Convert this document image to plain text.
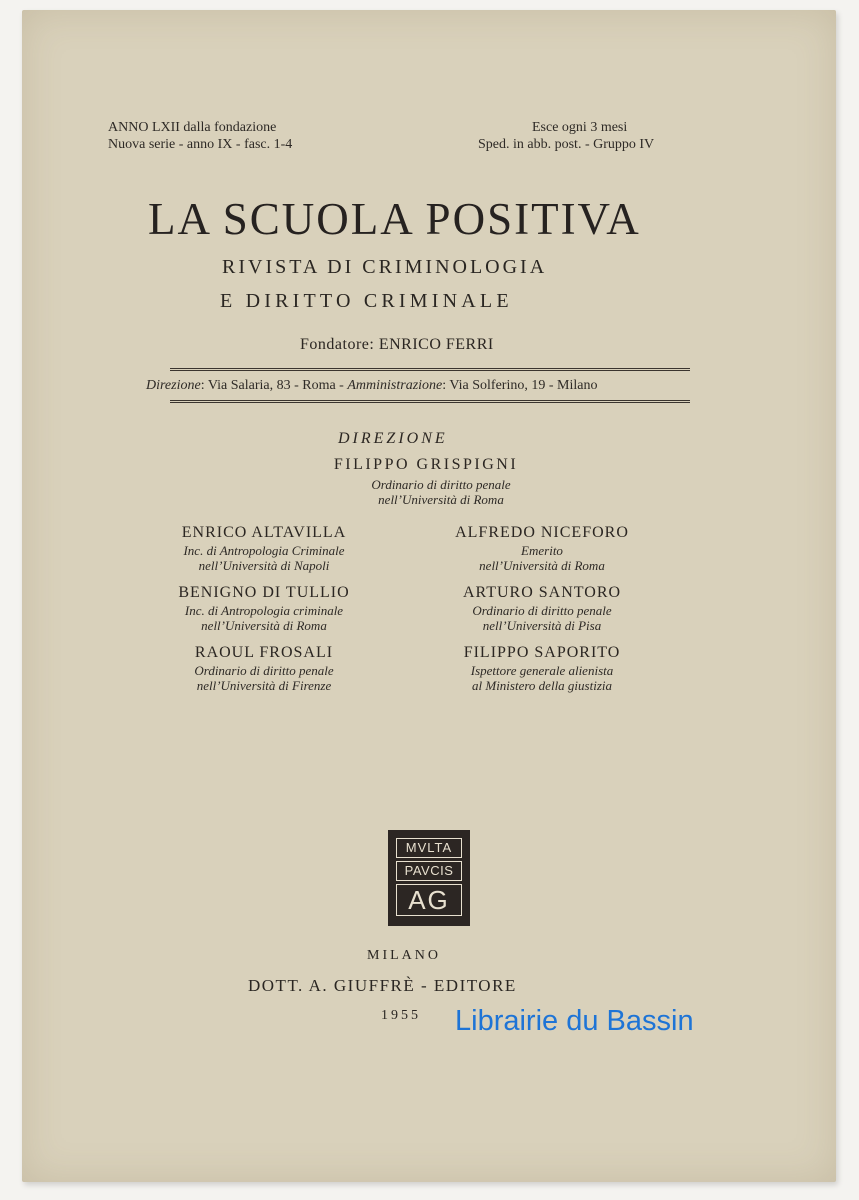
ANNO LXII dalla fondazione
Nuova serie - anno IX - fasc. 1-4
Esce ogni 3 mesi
Sped. in abb. post. - Gruppo IV
LA SCUOLA POSITIVA
RIVISTA DI CRIMINOLOGIA
E DIRITTO CRIMINALE
Fondatore: ENRICO FERRI
Direzione: Via Salaria, 83 - Roma - Amministrazione: Via Solferino, 19 - Milano
DIREZIONE
FILIPPO GRISPIGNI
Ordinario di diritto penale
nell’Università di Roma
ENRICO ALTAVILLA
Inc. di Antropologia Criminale
nell’Università di Napoli
BENIGNO DI TULLIO
Inc. di Antropologia criminale
nell’Università di Roma
RAOUL FROSALI
Ordinario di diritto penale
nell’Università di Firenze
ALFREDO NICEFORO
Emerito
nell’Università di Roma
ARTURO SANTORO
Ordinario di diritto penale
nell’Università di Pisa
FILIPPO SAPORITO
Ispettore generale alienista
al Ministero della giustizia
MVLTA
PAVCIS
AG
MILANO
DOTT. A. GIUFFRÈ - EDITORE
1955 Librairie du Bassin
